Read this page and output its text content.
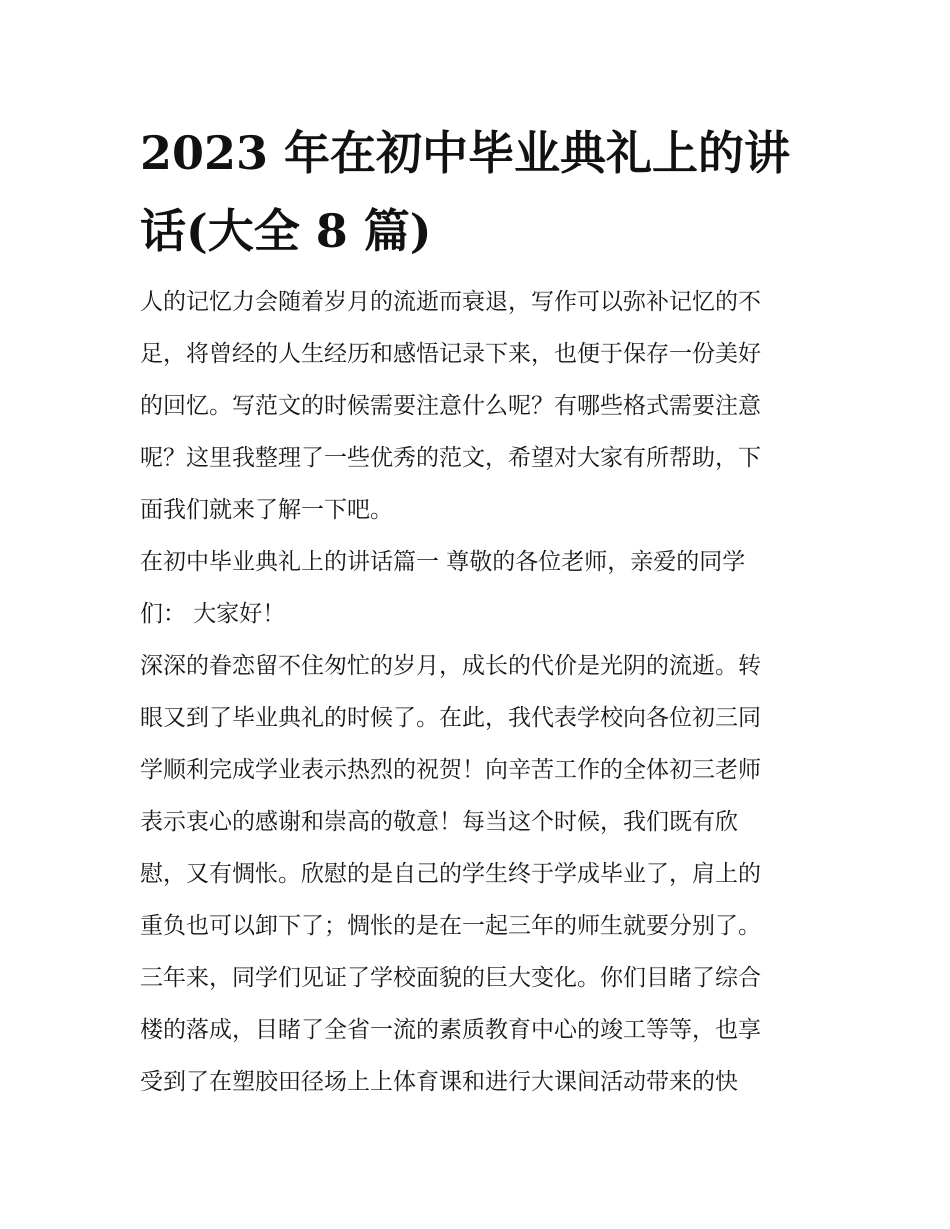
2023 年在初中毕业典礼上的讲
话(大全 8 篇)
人的记忆力会随着岁月的流逝而衰退，写作可以弥补记忆的不
足，将曾经的人生经历和感悟记录下来，也便于保存一份美好
的回忆。写范文的时候需要注意什么呢？有哪些格式需要注意
呢？这里我整理了一些优秀的范文，希望对大家有所帮助，下
面我们就来了解一下吧。
在初中毕业典礼上的讲话篇一 尊敬的各位老师，亲爱的同学
们： 大家好！
深深的眷恋留不住匆忙的岁月，成长的代价是光阴的流逝。转
眼又到了毕业典礼的时候了。在此，我代表学校向各位初三同
学顺利完成学业表示热烈的祝贺！向辛苦工作的全体初三老师
表示衷心的感谢和崇高的敬意！每当这个时候，我们既有欣
慰，又有惆怅。欣慰的是自己的学生终于学成毕业了，肩上的
重负也可以卸下了；惆怅的是在一起三年的师生就要分别了。
三年来，同学们见证了学校面貌的巨大变化。你们目睹了综合
楼的落成，目睹了全省一流的素质教育中心的竣工等等，也享
受到了在塑胶田径场上上体育课和进行大课间活动带来的快
